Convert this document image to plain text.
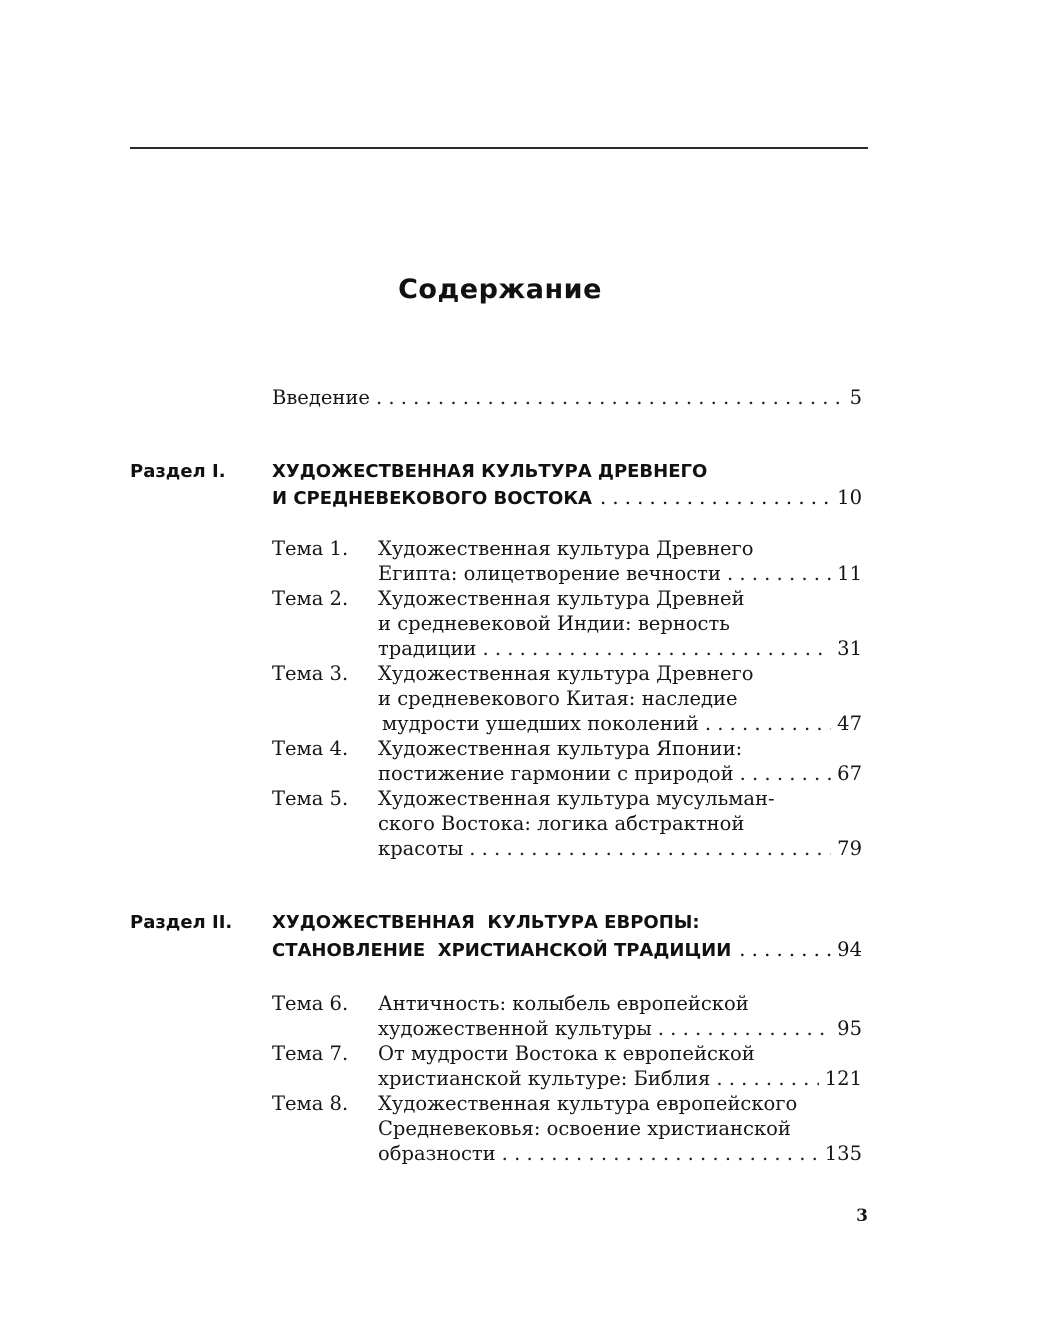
Содержание
Введение . . .	5
Раздел I.	ХУДОЖЕСТВЕННАЯ КУЛЬТУРА ДРЕВНЕГО
И СРЕДНЕВЕКОВОГО ВОСТОКА . . .	10
Тема 1. Художественная культура Древнего
Египта: олицетворение вечности . . .	11
Тема 2. Художественная культура Древней
и средневековой Индии: верность
традиции . . .	31
Тема 3. Художественная культура Древнего
и средневекового Китая: наследие
мудрости ушедших поколений . . .	47
Тема 4. Художественная культура Японии:
постижение гармонии с природой . . .	67
Тема 5. Художественная культура мусульман-
ского Востока: логика абстрактной
красоты . . .	79
Раздел II. ХУДОЖЕСТВЕННАЯ  КУЛЬТУРА ЕВРОПЫ:
СТАНОВЛЕНИЕ  ХРИСТИАНСКОЙ ТРАДИЦИИ . . .	94
Тема 6. Античность: колыбель европейской
художественной культуры . . .	95
Тема 7. От мудрости Востока к европейской
христианской культуре: Библия . . .	121
Тема 8. Художественная культура европейского
Средневековья: освоение христианской
образности . . .	135
3
